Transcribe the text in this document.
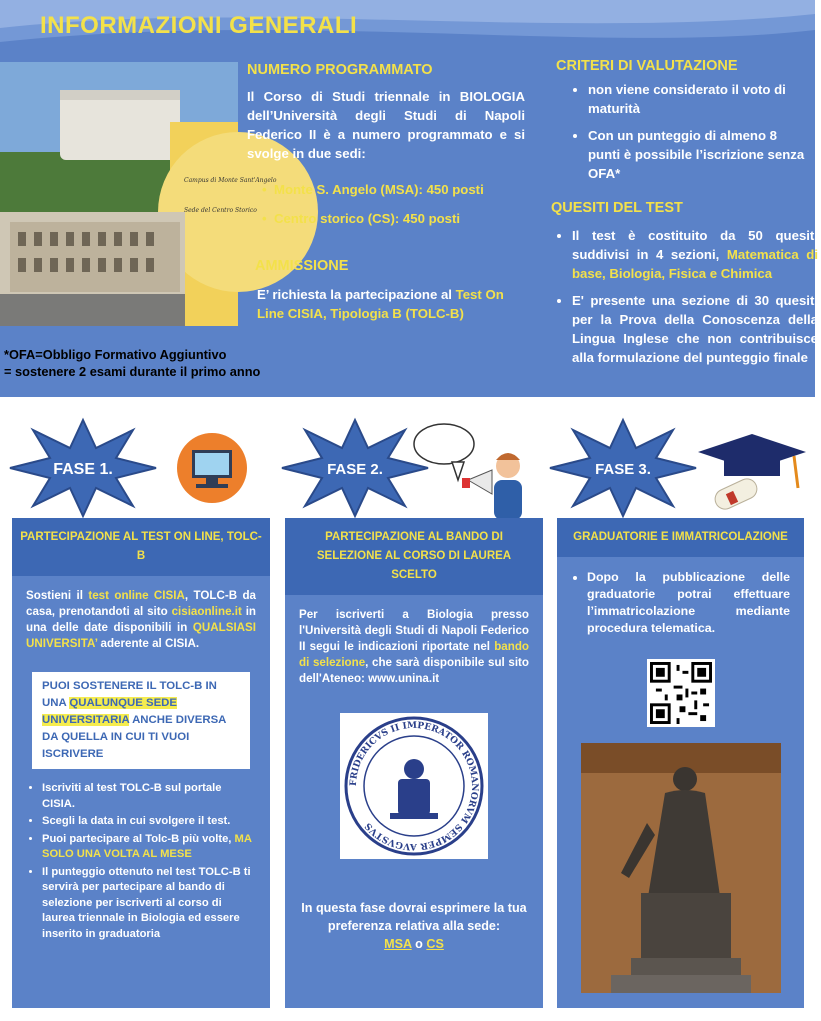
INFORMAZIONI GENERALI
Campus di Monte Sant'Angelo
Sede del Centro Storico
NUMERO PROGRAMMATO
Il Corso di Studi triennale in BIOLOGIA dell’Università degli Studi di Napoli Federico II è a numero programmato e si svolge in due sedi:
•  Monte S. Angelo (MSA): 450 posti
•  Centro storico (CS): 450 posti
AMMISSIONE
E’ richiesta la partecipazione al Test On Line CISIA, Tipologia B (TOLC-B)
CRITERI DI VALUTAZIONE
• non viene considerato il voto di maturità
• Con un punteggio di almeno 8 punti è possibile l’iscrizione senza OFA*
QUESITI DEL TEST
• Il test è costituito da 50 quesiti suddivisi in 4 sezioni, Matematica di base, Biologia, Fisica e Chimica
• E' presente una sezione di 30 quesiti per la Prova della Conoscenza della Lingua Inglese che non contribuisce alla formulazione del punteggio finale
*OFA=Obbligo Formativo Aggiuntivo
= sostenere 2 esami durante il primo anno
FASE 1.	FASE 2.	FASE 3.
PARTECIPAZIONE AL TEST ON LINE, TOLC-B
Sostieni il test online CISIA, TOLC-B da casa, prenotandoti al sito cisiaonline.it in una delle date disponibili in QUALSIASI UNIVERSITA’ aderente al CISIA.
PUOI SOSTENERE IL TOLC-B IN UNA QUALUNQUE SEDE UNIVERSITARIA ANCHE DIVERSA DA QUELLA IN CUI TI VUOI ISCRIVERE
• Iscriviti al test TOLC-B sul portale CISIA.
• Scegli la data in cui svolgere il test.
• Puoi partecipare al Tolc-B più volte, MA SOLO UNA VOLTA AL MESE
• Il punteggio ottenuto nel test TOLC-B ti servirà per partecipare al bando di selezione per iscriverti al corso di laurea triennale in Biologia ed essere inserito in graduatoria
PARTECIPAZIONE AL BANDO DI SELEZIONE AL CORSO DI LAUREA SCELTO
Per iscriverti a Biologia presso l'Università degli Studi di Napoli Federico II segui le indicazioni riportate nel bando di selezione, che sarà disponibile sul sito dell'Ateneo: www.unina.it
FRIDERICVS II IMPERATOR ROMANORVM SEMPER AVGVSTVS
In questa fase dovrai esprimere la tua preferenza relativa alla sede:
MSA o CS
GRADUATORIE E IMMATRICOLAZIONE
• Dopo la pubblicazione delle graduatorie potrai effettuare l’immatricolazione mediante procedura telematica.
